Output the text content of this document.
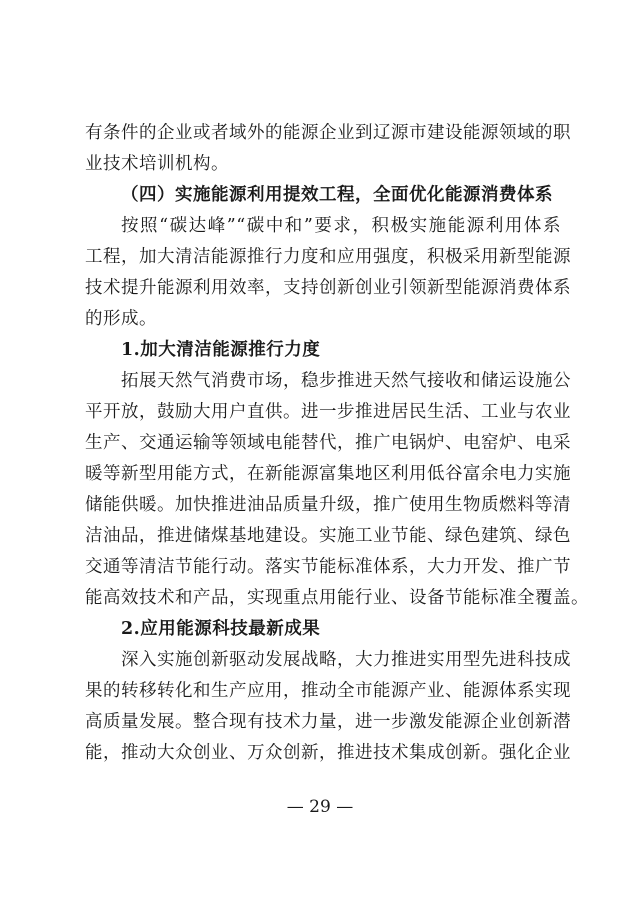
有条件的企业或者域外的能源企业到辽源市建设能源领域的职
业技术培训机构。
（四）实施能源利用提效工程，全面优化能源消费体系
按照“碳达峰”“碳中和”要求，积极实施能源利用体系
工程，加大清洁能源推行力度和应用强度，积极采用新型能源
技术提升能源利用效率，支持创新创业引领新型能源消费体系
的形成。
1.加大清洁能源推行力度
拓展天然气消费市场，稳步推进天然气接收和储运设施公
平开放，鼓励大用户直供。进一步推进居民生活、工业与农业
生产、交通运输等领域电能替代，推广电锅炉、电窑炉、电采
暖等新型用能方式，在新能源富集地区利用低谷富余电力实施
储能供暖。加快推进油品质量升级，推广使用生物质燃料等清
洁油品，推进储煤基地建设。实施工业节能、绿色建筑、绿色
交通等清洁节能行动。落实节能标准体系，大力开发、推广节
能高效技术和产品，实现重点用能行业、设备节能标准全覆盖。
2.应用能源科技最新成果
深入实施创新驱动发展战略，大力推进实用型先进科技成
果的转移转化和生产应用，推动全市能源产业、能源体系实现
高质量发展。整合现有技术力量，进一步激发能源企业创新潜
能，推动大众创业、万众创新，推进技术集成创新。强化企业
— 29 —
